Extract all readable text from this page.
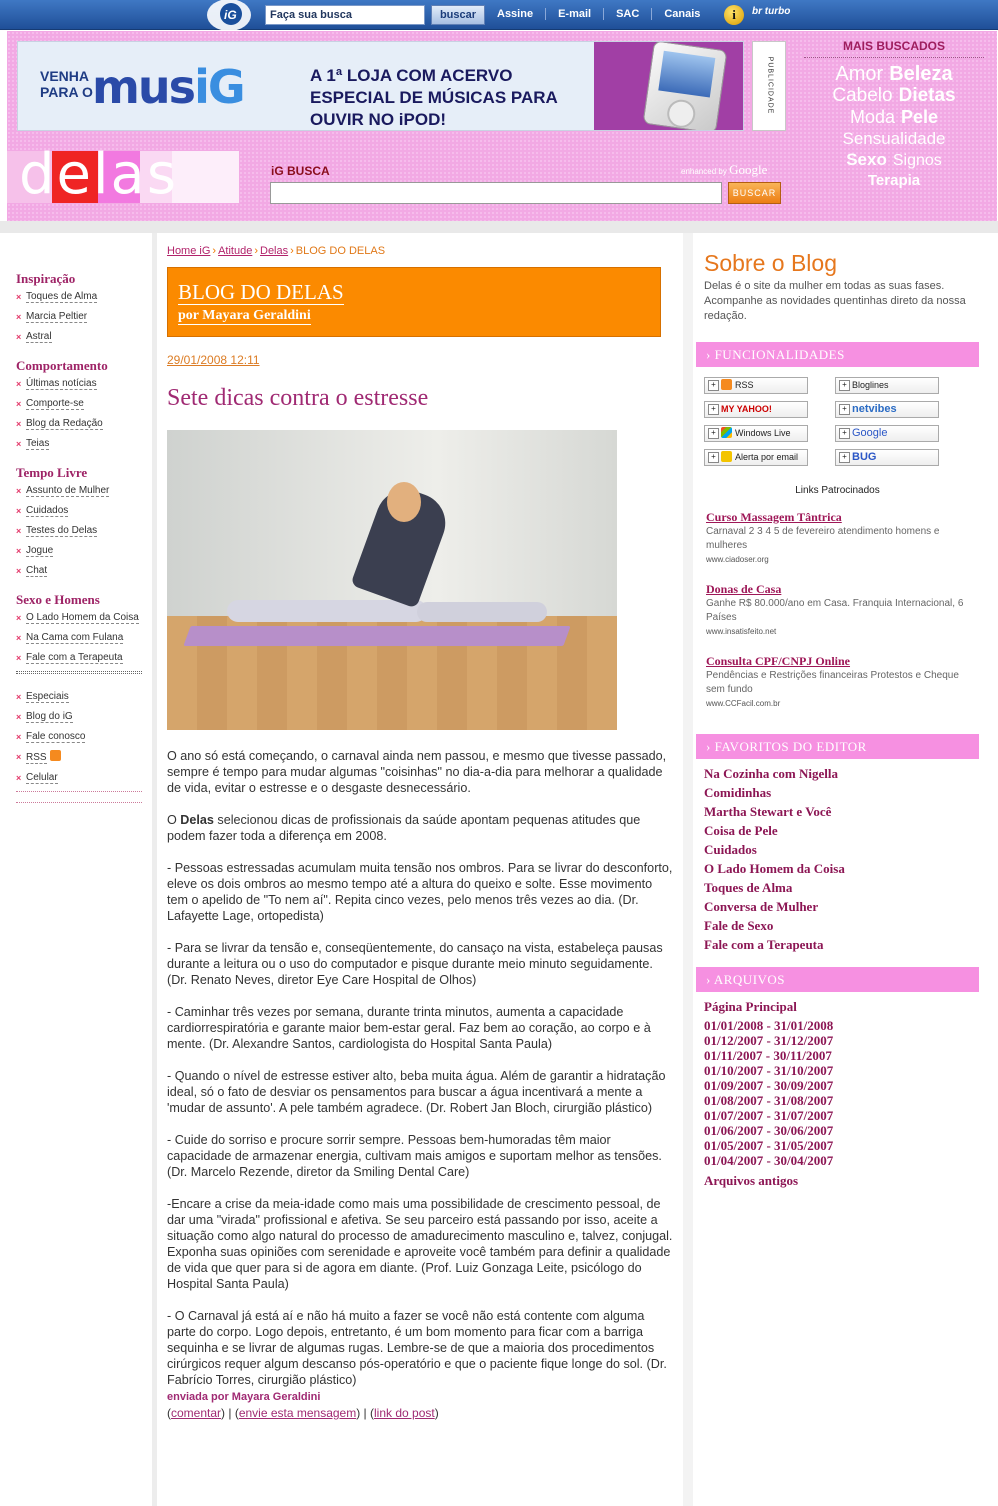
iG
Faça sua busca	buscar	Assine	E-mail	SAC	Canais	i	br turbo
VENHA PARA O musiG	A 1ª LOJA COM ACERVO ESPECIAL DE MÚSICAS PARA OUVIR NO iPOD!
PUBLICIDADE
MAIS BUSCADOS
Amor Beleza
Cabelo Dietas
Moda Pele
Sensualidade
Sexo Signos
Terapia
delas	iG BUSCA	enhanced by Google
BUSCAR
Inspiração
× Toques de Alma
× Marcia Peltier
× Astral
Comportamento
× Últimas notícias
× Comporte-se
× Blog da Redação
× Teias
Tempo Livre
× Assunto de Mulher
× Cuidados
× Testes do Delas
× Jogue
× Chat
Sexo e Homens
× O Lado Homem da Coisa
× Na Cama com Fulana
× Fale com a Terapeuta
× Especiais
× Blog do iG
× Fale conosco
× RSS
× Celular
Home iG › Atitude › Delas › BLOG DO DELAS
BLOG DO DELAS
por Mayara Geraldini
29/01/2008 12:11
Sete dicas contra o estresse

O ano só está começando, o carnaval ainda nem passou, e mesmo que tivesse passado, sempre é tempo para mudar algumas "coisinhas" no dia-a-dia para melhorar a qualidade de vida, evitar o estresse e o desgaste desnecessário.

O Delas selecionou dicas de profissionais da saúde apontam pequenas atitudes que podem fazer toda a diferença em 2008.

- Pessoas estressadas acumulam muita tensão nos ombros. Para se livrar do desconforto, eleve os dois ombros ao mesmo tempo até a altura do queixo e solte. Esse movimento tem o apelido de "To nem aí". Repita cinco vezes, pelo menos três vezes ao dia. (Dr. Lafayette Lage, ortopedista)

- Para se livrar da tensão e, conseqüentemente, do cansaço na vista, estabeleça pausas durante a leitura ou o uso do computador e pisque durante meio minuto seguidamente. (Dr. Renato Neves, diretor Eye Care Hospital de Olhos)

- Caminhar três vezes por semana, durante trinta minutos, aumenta a capacidade cardiorrespiratória e garante maior bem-estar geral. Faz bem ao coração, ao corpo e à mente. (Dr. Alexandre Santos, cardiologista do Hospital Santa Paula)

- Quando o nível de estresse estiver alto, beba muita água. Além de garantir a hidratação ideal, só o fato de desviar os pensamentos para buscar a água incentivará a mente a 'mudar de assunto'. A pele também agradece. (Dr. Robert Jan Bloch, cirurgião plástico)

- Cuide do sorriso e procure sorrir sempre. Pessoas bem-humoradas têm maior capacidade de armazenar energia, cultivam mais amigos e suportam melhor as tensões. (Dr. Marcelo Rezende, diretor da Smiling Dental Care)

-Encare a crise da meia-idade como mais uma possibilidade de crescimento pessoal, de dar uma "virada" profissional e afetiva. Se seu parceiro está passando por isso, aceite a situação como algo natural do processo de amadurecimento masculino e, talvez, conjugal. Exponha suas opiniões com serenidade e aproveite você também para definir a qualidade de vida que quer para si de agora em diante. (Prof. Luiz Gonzaga Leite, psicólogo do Hospital Santa Paula)

- O Carnaval já está aí e não há muito a fazer se você não está contente com alguma parte do corpo. Logo depois, entretanto, é um bom momento para ficar com a barriga sequinha e se livrar de algumas rugas. Lembre-se de que a maioria dos procedimentos cirúrgicos requer algum descanso pós-operatório e que o paciente fique longe do sol. (Dr. Fabrício Torres, cirurgião plástico)

enviada por Mayara Geraldini
(comentar) | (envie esta mensagem) | (link do post)
Sobre o Blog
Delas é o site da mulher em todas as suas fases. Acompanhe as novidades quentinhas direto da nossa redação.
› FUNCIONALIDADES
+ RSS	+ Bloglines
+ MY YAHOO!	+ netvibes
+ Windows Live	+ Google
+ Alerta por email	+ BUG
Links Patrocinados
Curso Massagem Tântrica
Carnaval 2 3 4 5 de fevereiro atendimento homens e mulheres
www.ciadoser.org
Donas de Casa
Ganhe R$ 80.000/ano em Casa. Franquia Internacional, 6 Países
www.insatisfeito.net
Consulta CPF/CNPJ Online
Pendências e Restrições financeiras Protestos e Cheque sem fundo
www.CCFacil.com.br
› FAVORITOS DO EDITOR
Na Cozinha com Nigella
Comidinhas
Martha Stewart e Você
Coisa de Pele
Cuidados
O Lado Homem da Coisa
Toques de Alma
Conversa de Mulher
Fale de Sexo
Fale com a Terapeuta
› ARQUIVOS
Página Principal
01/01/2008 - 31/01/2008
01/12/2007 - 31/12/2007
01/11/2007 - 30/11/2007
01/10/2007 - 31/10/2007
01/09/2007 - 30/09/2007
01/08/2007 - 31/08/2007
01/07/2007 - 31/07/2007
01/06/2007 - 30/06/2007
01/05/2007 - 31/05/2007
01/04/2007 - 30/04/2007
Arquivos antigos
